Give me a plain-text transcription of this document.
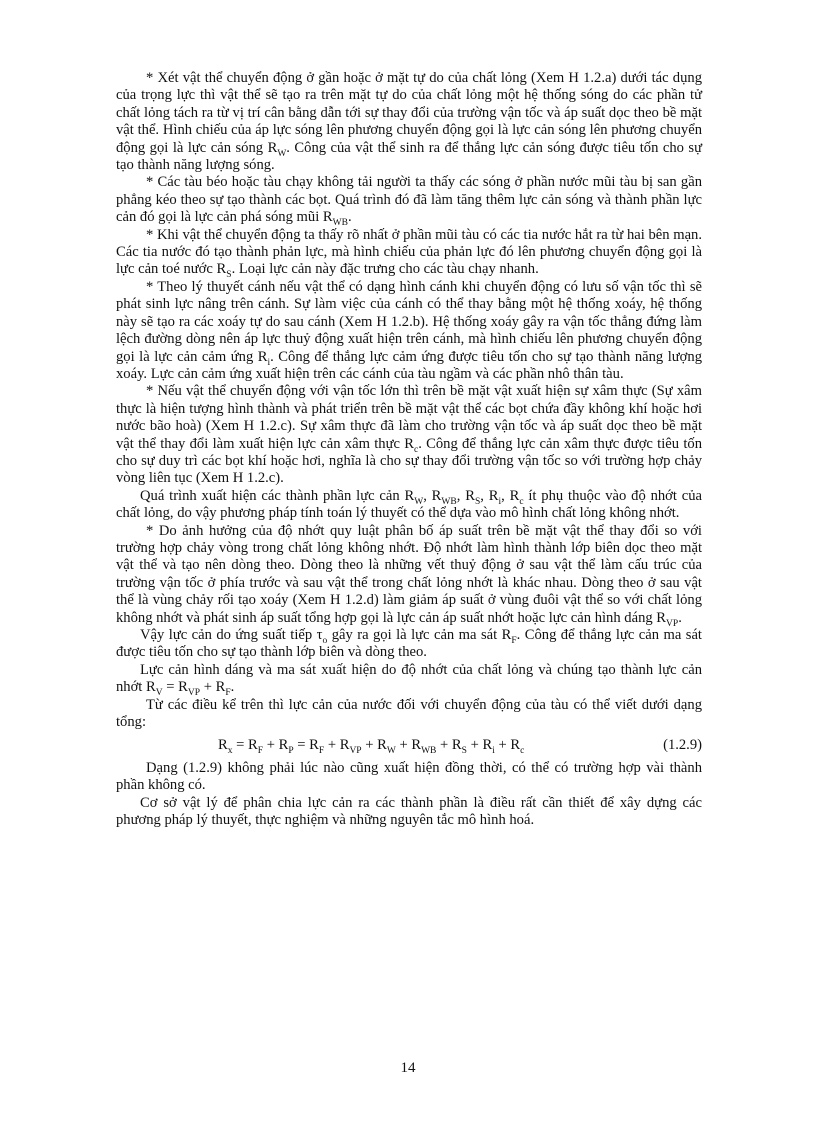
* Xét vật thể chuyển động ở gần hoặc ở mặt tự do của chất lỏng (Xem H 1.2.a) dưới tác dụng của trọng lực thì vật thể sẽ tạo ra trên mặt tự do của chất lỏng một hệ thống sóng do các phần tử chất lỏng tách ra từ vị trí cân bằng dẫn tới sự thay đổi của trường vận tốc và áp suất dọc theo bề mặt vật thể. Hình chiếu của áp lực sóng lên phương chuyển động gọi là lực cản sóng lên phương chuyển động gọi là lực cản sóng $R_W$. Công của vật thể sinh ra để thắng lực cản sóng được tiêu tốn cho sự tạo thành năng lượng sóng.

* Các tàu béo hoặc tàu chạy không tải người ta thấy các sóng ở phần nước mũi tàu bị san gần phẳng kéo theo sự tạo thành các bọt. Quá trình đó đã làm tăng thêm lực cản sóng và thành phần lực cản đó gọi là lực cản phá sóng mũi $R_{WB}$.

* Khi vật thể chuyển động ta thấy rõ nhất ở phần mũi tàu có các tia nước hắt ra từ hai bên mạn. Các tia nước đó tạo thành phản lực, mà hình chiếu của phản lực đó lên phương chuyển động gọi là lực cản toé nước $R_S$. Loại lực cản này đặc trưng cho các tàu chạy nhanh.

* Theo lý thuyết cánh nếu vật thể có dạng hình cánh khi chuyển động có lưu số vận tốc thì sẽ phát sinh lực nâng trên cánh. Sự làm việc của cánh có thể thay bằng một hệ thống xoáy, hệ thống này sẽ tạo ra các xoáy tự do sau cánh (Xem H 1.2.b). Hệ thống xoáy gây ra vận tốc thẳng đứng làm lệch đường dòng nên áp lực thuỷ động xuất hiện trên cánh, mà hình chiếu lên phương chuyển động gọi là lực cản cảm ứng $R_i$. Công để thắng lực cảm ứng được tiêu tốn cho sự tạo thành năng lượng xoáy. Lực cản cảm ứng xuất hiện trên các cánh của tàu ngầm và các phần nhô thân tàu.

* Nếu vật thể chuyển động với vận tốc lớn thì trên bề mặt vật xuất hiện sự xâm thực (Sự xâm thực là hiện tượng hình thành và phát triển trên bề mặt vật thể các bọt chứa đầy không khí hoặc hơi nước bão hoà) (Xem H 1.2.c). Sự xâm thực đã làm cho trường vận tốc và áp suất dọc theo bề mặt vật thể thay đổi làm xuất hiện lực cản xâm thực $R_c$. Công để thắng lực cản xâm thực được tiêu tốn cho sự duy trì các bọt khí hoặc hơi, nghĩa là cho sự thay đổi trường vận tốc so với trường hợp chảy vòng liên tục (Xem H 1.2.c).

Quá trình xuất hiện các thành phần lực cản $R_W$, $R_{WB}$, $R_S$, $R_i$, $R_c$ ít phụ thuộc vào độ nhớt của chất lỏng, do vậy phương pháp tính toán lý thuyết có thể dựa vào mô hình chất lỏng không nhớt.

* Do ảnh hưởng của độ nhớt quy luật phân bố áp suất trên bề mặt vật thể thay đổi so với trường hợp chảy vòng trong chất lỏng không nhớt. Độ nhớt làm hình thành lớp biên dọc theo mặt vật thể và tạo nên dòng theo. Dòng theo là những vết thuỷ động ở sau vật thể làm cấu trúc của trường vận tốc ở phía trước và sau vật thể trong chất lỏng nhớt là khác nhau. Dòng theo ở sau vật thể là vùng chảy rối tạo xoáy (Xem H 1.2.d) làm giảm áp suất ở vùng đuôi vật thể so với chất lỏng không nhớt và phát sinh áp suất tổng hợp gọi là lực cản áp suất nhớt hoặc lực cản hình dáng $R_{VP}$.

Vậy lực cản do ứng suất tiếp $\tau_o$ gây ra gọi là lực cản ma sát $R_F$. Công để thắng lực cản ma sát được tiêu tốn cho sự tạo thành lớp biên và dòng theo.

Lực cản hình dáng và ma sát xuất hiện do độ nhớt của chất lỏng và chúng tạo thành lực cản nhớt $R_V = R_{VP} + R_F$.

Từ các điều kể trên thì lực cản của nước đối với chuyển động của tàu có thể viết dưới dạng tổng:

$R_x = R_F + R_P = R_F + R_{VP} + R_W + R_{WB} + R_S + R_i + R_c$	(1.2.9)

Dạng (1.2.9) không phải lúc nào cũng xuất hiện đồng thời, có thể có trường hợp vài thành phần không có.

Cơ sở vật lý để phân chia lực cản ra các thành phần là điều rất cần thiết để xây dựng các phương pháp lý thuyết, thực nghiệm và những nguyên tắc mô hình hoá.

14
